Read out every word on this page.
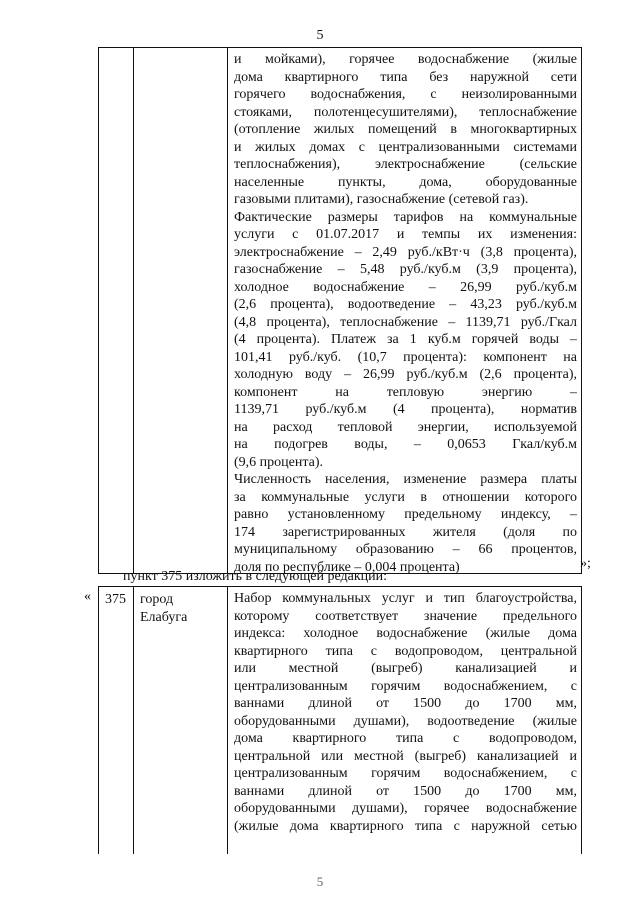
5
и мойками), горячее водоснабжение (жилые
дома квартирного типа без наружной сети
горячего водоснабжения, с неизолированными
стояками, полотенцесушителями), теплоснабжение
(отопление жилых помещений в многоквартирных
и жилых домах с централизованными системами
теплоснабжения), электроснабжение (сельские
населенные пункты, дома, оборудованные
газовыми плитами), газоснабжение (сетевой газ).
Фактические размеры тарифов на коммунальные
услуги с 01.07.2017 и темпы их изменения:
электроснабжение – 2,49 руб./кВт·ч (3,8 процента),
газоснабжение – 5,48 руб./куб.м (3,9 процента),
холодное водоснабжение – 26,99 руб./куб.м
(2,6 процента), водоотведение – 43,23 руб./куб.м
(4,8 процента), теплоснабжение – 1139,71 руб./Гкал
(4 процента). Платеж за 1 куб.м горячей воды –
101,41 руб./куб. (10,7 процента): компонент на
холодную воду – 26,99 руб./куб.м (2,6 процента),
компонент на тепловую энергию –
1139,71 руб./куб.м (4 процента), норматив
на расход тепловой энергии, используемой
на подогрев воды, – 0,0653 Гкал/куб.м
(9,6 процента).
Численность населения, изменение размера платы
за коммунальные услуги в отношении которого
равно установленному предельному индексу, –
174 зарегистрированных жителя (доля по
муниципальному образованию – 66 процентов,
доля по республике – 0,004 процента)	»;
пункт 375 изложить в следующей редакции:
«	375	город
Елабуга
Набор коммунальных услуг и тип благоустройства,
которому соответствует значение предельного
индекса: холодное водоснабжение (жилые дома
квартирного типа с водопроводом, центральной
или местной (выгреб) канализацией и
централизованным горячим водоснабжением, с
ваннами длиной от 1500 до 1700 мм,
оборудованными душами), водоотведение (жилые
дома квартирного типа с водопроводом,
центральной или местной (выгреб) канализацией и
централизованным горячим водоснабжением, с
ваннами длиной от 1500 до 1700 мм,
оборудованными душами), горячее водоснабжение
(жилые дома квартирного типа с наружной сетью
5
